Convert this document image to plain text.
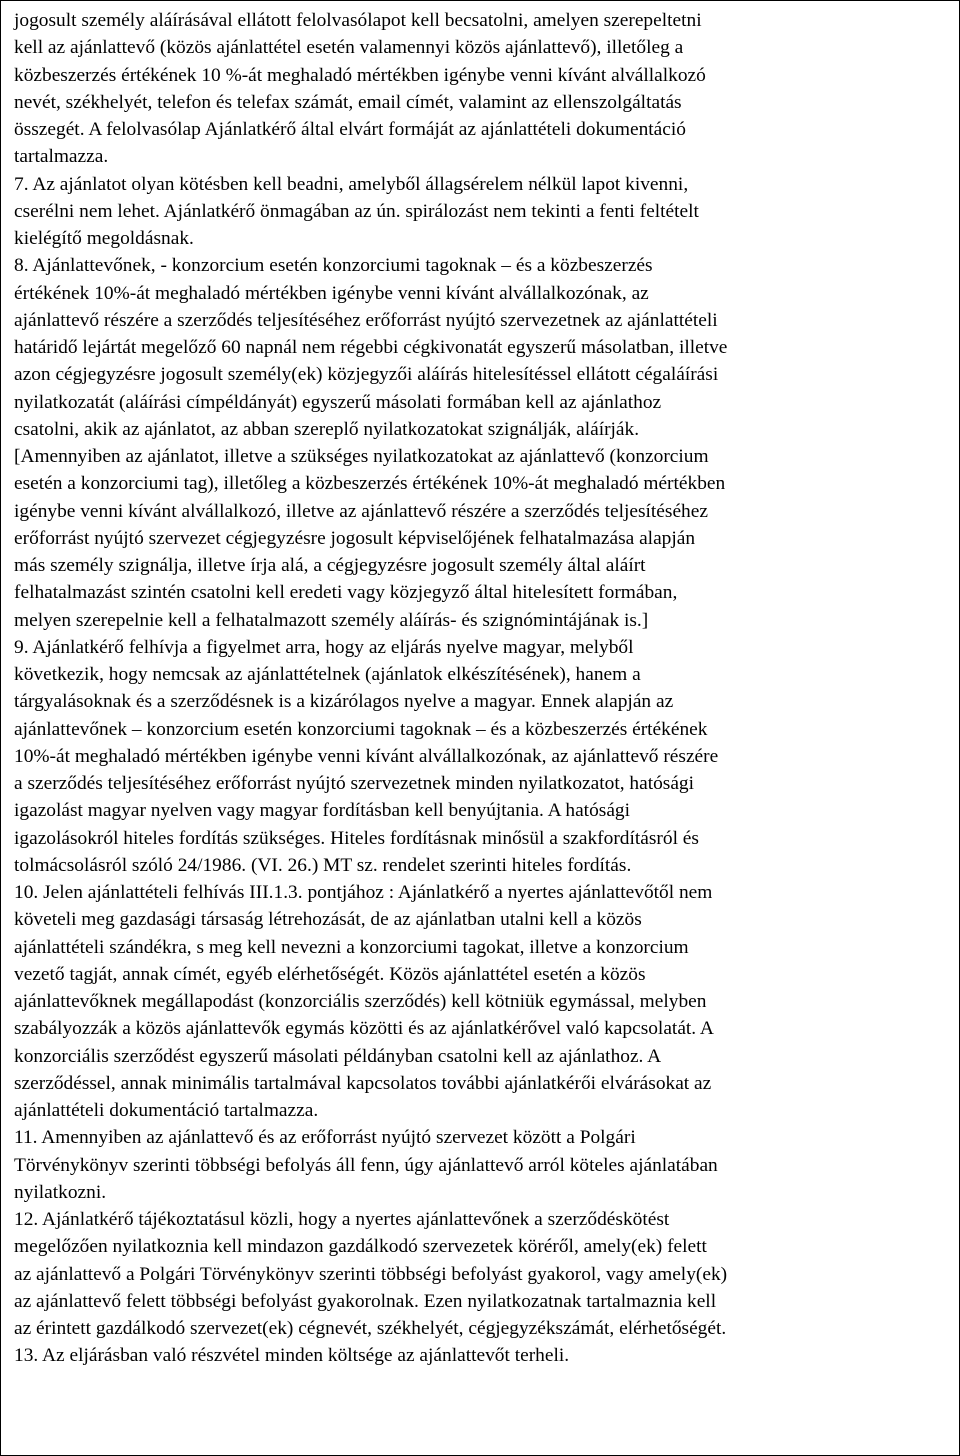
jogosult személy aláírásával ellátott felolvasólapot kell becsatolni, amelyen szerepeltetni
kell az ajánlattevő (közös ajánlattétel esetén valamennyi közös ajánlattevő), illetőleg a
közbeszerzés értékének 10 %-át meghaladó mértékben igénybe venni kívánt alvállalkozó
nevét, székhelyét, telefon és telefax számát, email címét, valamint az ellenszolgáltatás
összegét. A felolvasólap Ajánlatkérő által elvárt formáját az ajánlattételi dokumentáció
tartalmazza.
7. Az ajánlatot olyan kötésben kell beadni, amelyből állagsérelem nélkül lapot kivenni,
cserélni nem lehet. Ajánlatkérő önmagában az ún. spirálozást nem tekinti a fenti feltételt
kielégítő megoldásnak.
8. Ajánlattevőnek, - konzorcium esetén konzorciumi tagoknak – és a közbeszerzés
értékének 10%-át meghaladó mértékben igénybe venni kívánt alvállalkozónak, az
ajánlattevő részére a szerződés teljesítéséhez erőforrást nyújtó szervezetnek az ajánlattételi
határidő lejártát megelőző 60 napnál nem régebbi cégkivonatát egyszerű másolatban, illetve
azon cégjegyzésre jogosult személy(ek) közjegyzői aláírás hitelesítéssel ellátott cégaláírási
nyilatkozatát (aláírási címpéldányát) egyszerű másolati formában kell az ajánlathoz
csatolni, akik az ajánlatot, az abban szereplő nyilatkozatokat szignálják, aláírják.
[Amennyiben az ajánlatot, illetve a szükséges nyilatkozatokat az ajánlattevő (konzorcium
esetén a konzorciumi tag), illetőleg a közbeszerzés értékének 10%-át meghaladó mértékben
igénybe venni kívánt alvállalkozó, illetve az ajánlattevő részére a szerződés teljesítéséhez
erőforrást nyújtó szervezet cégjegyzésre jogosult képviselőjének felhatalmazása alapján
más személy szignálja, illetve írja alá, a cégjegyzésre jogosult személy által aláírt
felhatalmazást szintén csatolni kell eredeti vagy közjegyző által hitelesített formában,
melyen szerepelnie kell a felhatalmazott személy aláírás- és szignómintájának is.]
9. Ajánlatkérő felhívja a figyelmet arra, hogy az eljárás nyelve magyar, melyből
következik, hogy nemcsak az ajánlattételnek (ajánlatok elkészítésének), hanem a
tárgyalásoknak és a szerződésnek is a kizárólagos nyelve a magyar. Ennek alapján az
ajánlattevőnek – konzorcium esetén konzorciumi tagoknak – és a közbeszerzés értékének
10%-át meghaladó mértékben igénybe venni kívánt alvállalkozónak, az ajánlattevő részére
a szerződés teljesítéséhez erőforrást nyújtó szervezetnek minden nyilatkozatot, hatósági
igazolást magyar nyelven vagy magyar fordításban kell benyújtania. A hatósági
igazolásokról hiteles fordítás szükséges. Hiteles fordításnak minősül a szakfordításról és
tolmácsolásról szóló 24/1986. (VI. 26.) MT sz. rendelet szerinti hiteles fordítás.
10. Jelen ajánlattételi felhívás III.1.3. pontjához : Ajánlatkérő a nyertes ajánlattevőtől nem
követeli meg gazdasági társaság létrehozását, de az ajánlatban utalni kell a közös
ajánlattételi szándékra, s meg kell nevezni a konzorciumi tagokat, illetve a konzorcium
vezető tagját, annak címét, egyéb elérhetőségét. Közös ajánlattétel esetén a közös
ajánlattevőknek megállapodást (konzorciális szerződés) kell kötniük egymással, melyben
szabályozzák a közös ajánlattevők egymás közötti és az ajánlatkérővel való kapcsolatát. A
konzorciális szerződést egyszerű másolati példányban csatolni kell az ajánlathoz. A
szerződéssel, annak minimális tartalmával kapcsolatos további ajánlatkérői elvárásokat az
ajánlattételi dokumentáció tartalmazza.
11. Amennyiben az ajánlattevő és az erőforrást nyújtó szervezet között a Polgári
Törvénykönyv szerinti többségi befolyás áll fenn, úgy ajánlattevő arról köteles ajánlatában
nyilatkozni.
12. Ajánlatkérő tájékoztatásul közli, hogy a nyertes ajánlattevőnek a szerződéskötést
megelőzően nyilatkoznia kell mindazon gazdálkodó szervezetek köréről, amely(ek) felett
az ajánlattevő a Polgári Törvénykönyv szerinti többségi befolyást gyakorol, vagy amely(ek)
az ajánlattevő felett többségi befolyást gyakorolnak. Ezen nyilatkozatnak tartalmaznia kell
az érintett gazdálkodó szervezet(ek) cégnevét, székhelyét, cégjegyzékszámát, elérhetőségét.
13. Az eljárásban való részvétel minden költsége az ajánlattevőt terheli.
